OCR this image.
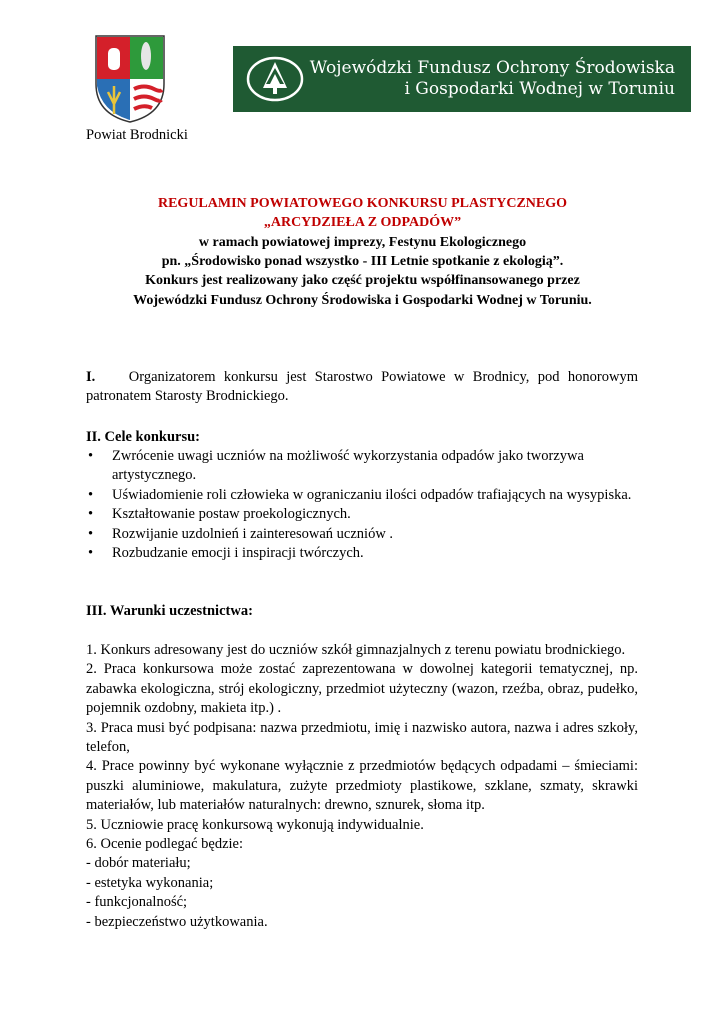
Powiat Brodnicki
Wojewódzki Fundusz Ochrony Środowiska
i Gospodarki Wodnej w Toruniu
REGULAMIN POWIATOWEGO KONKURSU PLASTYCZNEGO
„ARCYDZIEŁA Z ODPADÓW”
w ramach powiatowej imprezy, Festynu Ekologicznego
pn. „Środowisko ponad wszystko - III Letnie spotkanie z ekologią”.
Konkurs jest realizowany jako część projektu współfinansowanego przez
Wojewódzki Fundusz Ochrony Środowiska i Gospodarki Wodnej w Toruniu.
I. Organizatorem konkursu jest Starostwo Powiatowe w Brodnicy, pod honorowym patronatem Starosty Brodnickiego.
II. Cele konkursu:
• Zwrócenie uwagi uczniów na możliwość wykorzystania odpadów jako tworzywa artystycznego.
• Uświadomienie roli człowieka w ograniczaniu ilości odpadów trafiających na wysypiska.
• Kształtowanie postaw proekologicznych.
• Rozwijanie uzdolnień i zainteresowań uczniów .
• Rozbudzanie emocji i inspiracji twórczych.
III. Warunki uczestnictwa:
1. Konkurs adresowany jest do uczniów szkół gimnazjalnych z terenu powiatu brodnickiego.
2. Praca konkursowa może zostać zaprezentowana w dowolnej kategorii tematycznej, np. zabawka ekologiczna, strój ekologiczny, przedmiot użyteczny (wazon, rzeźba, obraz, pudełko, pojemnik ozdobny, makieta itp.) .
3. Praca musi być podpisana: nazwa przedmiotu, imię i nazwisko autora, nazwa i adres szkoły, telefon,
4. Prace powinny być wykonane wyłącznie z przedmiotów będących odpadami – śmieciami: puszki aluminiowe, makulatura, zużyte przedmioty plastikowe, szklane, szmaty, skrawki materiałów, lub materiałów naturalnych: drewno, sznurek, słoma itp.
5. Uczniowie pracę konkursową wykonują indywidualnie.
6. Ocenie podlegać będzie:
- dobór materiału;
- estetyka wykonania;
- funkcjonalność;
- bezpieczeństwo użytkowania.
